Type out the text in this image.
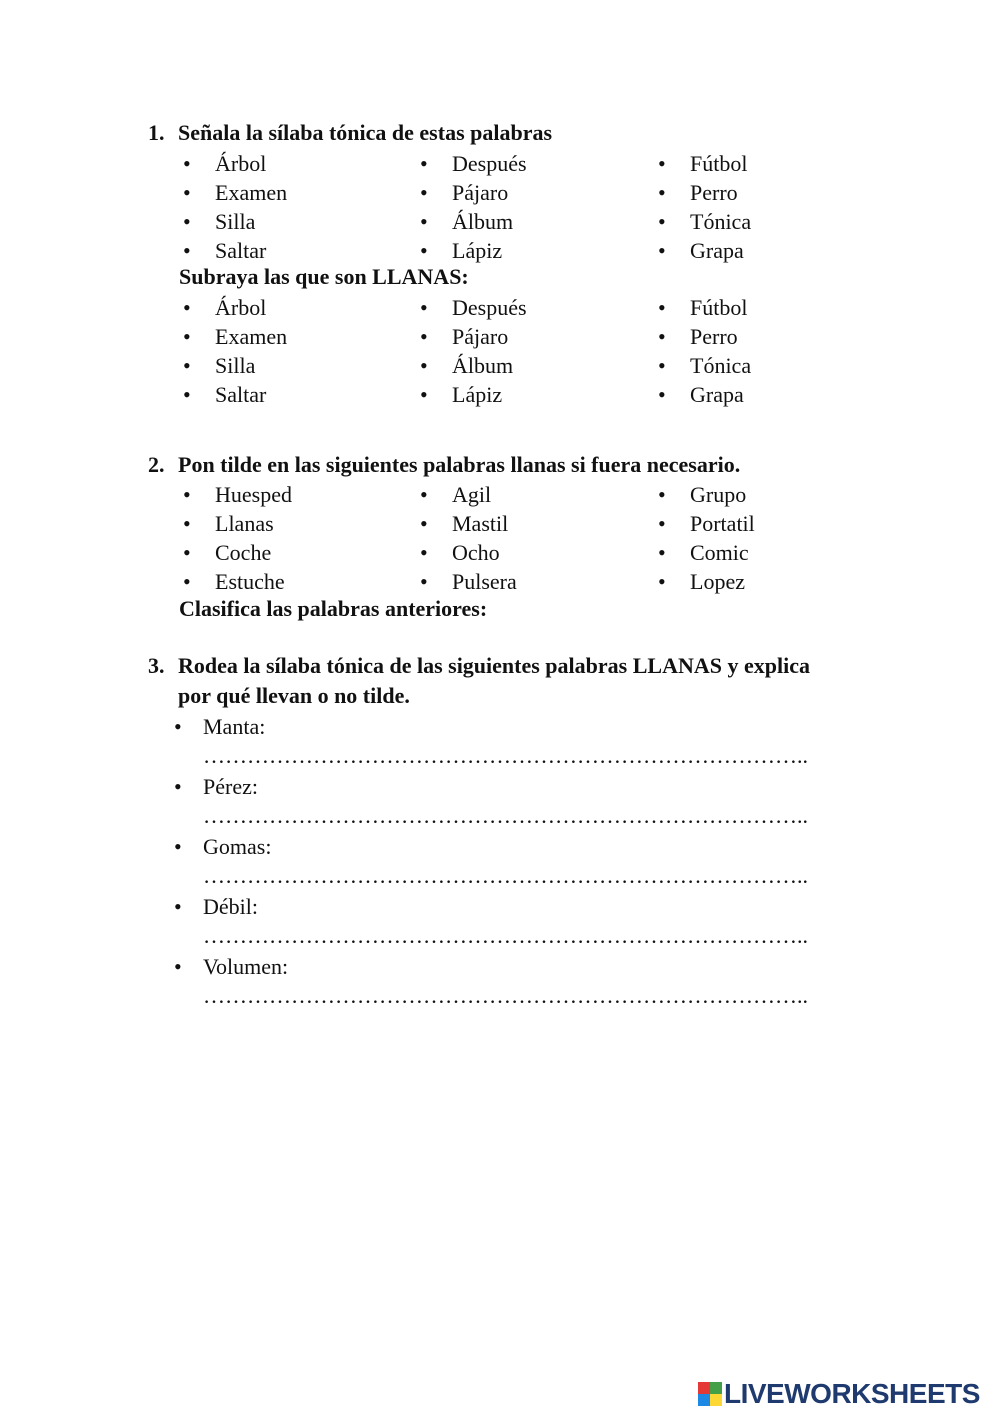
1. Señala la sílaba tónica de estas palabras
• Árbol
• Examen
• Silla
• Saltar
• Después
• Pájaro
• Álbum
• Lápiz
• Fútbol
• Perro
• Tónica
• Grapa
Subraya las que son LLANAS:
• Árbol
• Examen
• Silla
• Saltar
• Después
• Pájaro
• Álbum
• Lápiz
• Fútbol
• Perro
• Tónica
• Grapa
2. Pon tilde en las siguientes palabras llanas si fuera necesario.
• Huesped
• Llanas
• Coche
• Estuche
• Agil
• Mastil
• Ocho
• Pulsera
• Grupo
• Portatil
• Comic
• Lopez
Clasifica las palabras anteriores:
3. Rodea la sílaba tónica de las siguientes palabras LLANAS y explica
por qué llevan o no tilde.
• Manta:
………………………………………………………………………..
• Pérez:
………………………………………………………………………..
• Gomas:
………………………………………………………………………..
• Débil:
………………………………………………………………………..
• Volumen:
………………………………………………………………………..
LIVEWORKSHEETS
